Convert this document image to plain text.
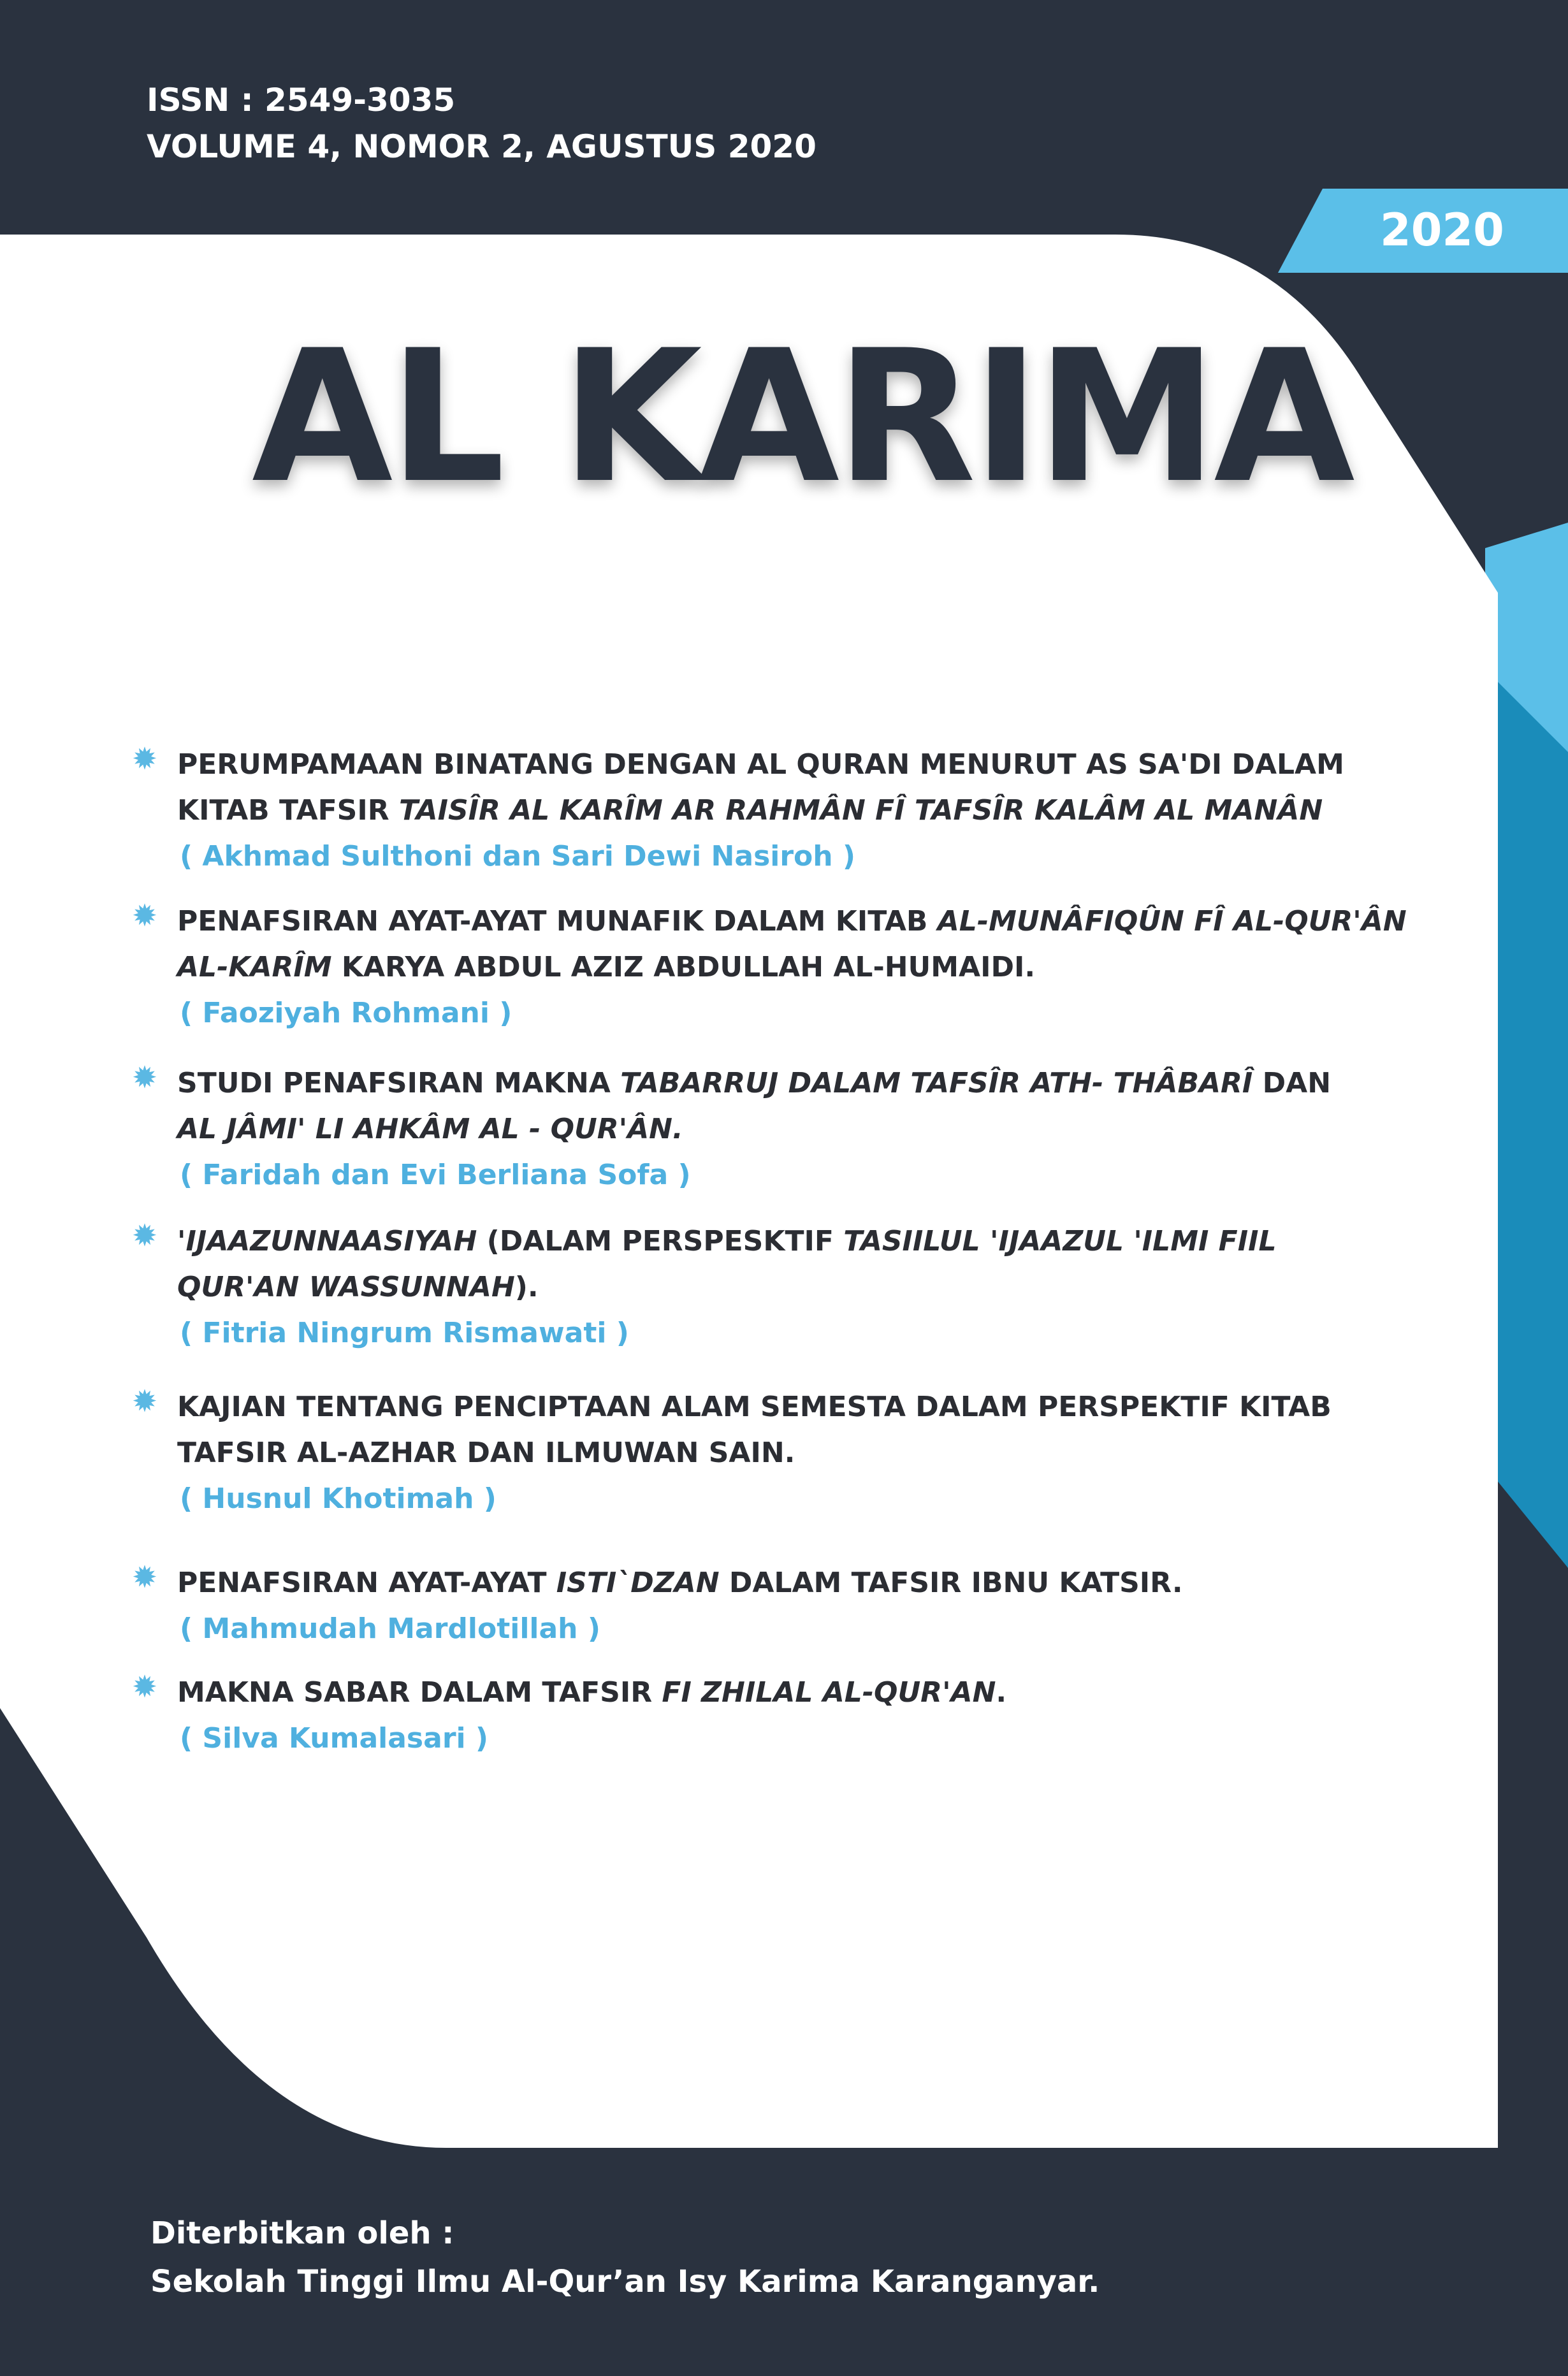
ISSN : 2549-3035
VOLUME 4, NOMOR 2, AGUSTUS 2020
2020
AL KARIMA
✹ PERUMPAMAAN BINATANG DENGAN AL QURAN MENURUT AS SA'DI DALAM
KITAB TAFSIR TAISÎR AL KARÎM AR RAHMÂN FÎ TAFSÎR KALÂM AL MANÂN
( Akhmad Sulthoni dan Sari Dewi Nasiroh )
✹ PENAFSIRAN AYAT-AYAT MUNAFIK DALAM KITAB AL-MUNÂFIQÛN FÎ AL-QUR'ÂN
AL-KARÎM KARYA ABDUL AZIZ ABDULLAH AL-HUMAIDI.
( Faoziyah Rohmani )
✹ STUDI PENAFSIRAN MAKNA TABARRUJ DALAM TAFSÎR ATH- THÂBARÎ DAN
AL JÂMI' LI AHKÂM AL - QUR'ÂN.
( Faridah dan Evi Berliana Sofa )
✹ 'IJAAZUNNAASIYAH (DALAM PERSPESKTIF TASIILUL 'IJAAZUL 'ILMI FIIL
QUR'AN WASSUNNAH).
( Fitria Ningrum Rismawati )
✹ KAJIAN TENTANG PENCIPTAAN ALAM SEMESTA DALAM PERSPEKTIF KITAB
TAFSIR AL-AZHAR DAN ILMUWAN SAIN.
( Husnul Khotimah )
✹ PENAFSIRAN AYAT-AYAT ISTI`DZAN DALAM TAFSIR IBNU KATSIR.
( Mahmudah Mardlotillah )
✹ MAKNA SABAR DALAM TAFSIR FI ZHILAL AL-QUR'AN.
( Silva Kumalasari )
Diterbitkan oleh :
Sekolah Tinggi Ilmu Al-Qur’an Isy Karima Karanganyar.
